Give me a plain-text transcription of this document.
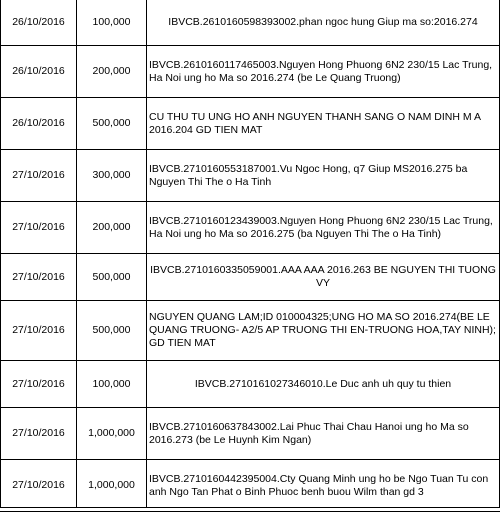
26/10/2016	100,000	IBVCB.2610160598393002.phan ngoc hung Giup ma so:2016.274
26/10/2016	200,000	IBVCB.2610160117465003.Nguyen Hong Phuong 6N2 230/15 Lac Trung, Ha Noi ung ho Ma so 2016.274 (be Le Quang Truong)
26/10/2016	500,000	CU THU TU UNG HO ANH NGUYEN THANH SANG O NAM DINH M A 2016.204 GD TIEN MAT
27/10/2016	300,000	IBVCB.2710160553187001.Vu Ngoc Hong, q7 Giup MS2016.275 ba Nguyen Thi The o Ha Tinh
27/10/2016	200,000	IBVCB.2710160123439003.Nguyen Hong Phuong 6N2 230/15 Lac Trung, Ha Noi ung ho Ma so 2016.275 (ba Nguyen Thi The o Ha Tinh)
27/10/2016	500,000	IBVCB.2710160335059001.AAA AAA 2016.263 BE NGUYEN THI TUONG VY
27/10/2016	500,000	NGUYEN QUANG LAM;ID 010004325;UNG HO MA SO 2016.274(BE LE QUANG TRUONG- A2/5 AP TRUONG THI EN-TRUONG HOA,TAY NINH); GD TIEN MAT
27/10/2016	100,000	IBVCB.2710161027346010.Le Duc anh uh quy tu thien
27/10/2016	1,000,000	IBVCB.2710160637843002.Lai Phuc Thai Chau Hanoi ung ho Ma so 2016.273 (be Le Huynh Kim Ngan)
27/10/2016	1,000,000	IBVCB.2710160442395004.Cty Quang Minh ung ho be Ngo Tuan Tu con anh Ngo Tan Phat o Binh Phuoc benh buou Wilm than gd 3
